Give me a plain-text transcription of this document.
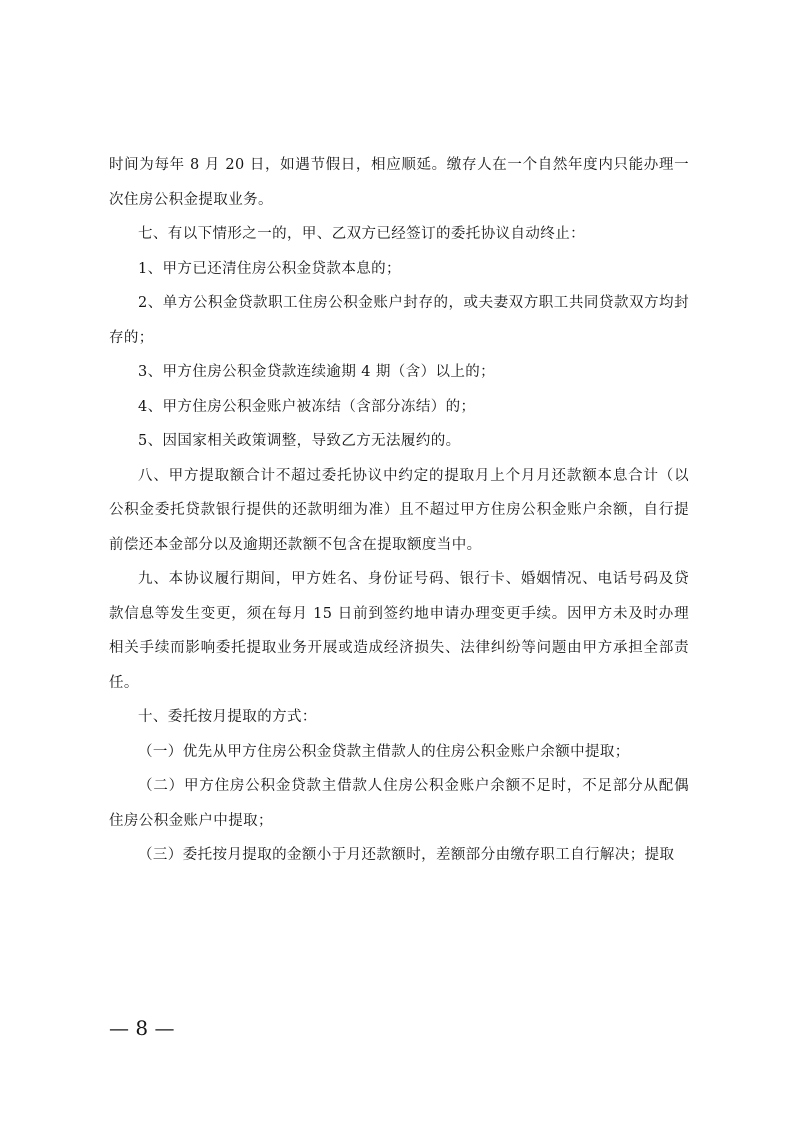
时间为每年 8 月 20 日，如遇节假日，相应顺延。缴存人在一个自然年度内只能办理一次住房公积金提取业务。

七、有以下情形之一的，甲、乙双方已经签订的委托协议自动终止：

1、甲方已还清住房公积金贷款本息的；

2、单方公积金贷款职工住房公积金账户封存的，或夫妻双方职工共同贷款双方均封存的；

3、甲方住房公积金贷款连续逾期 4 期（含）以上的；

4、甲方住房公积金账户被冻结（含部分冻结）的；

5、因国家相关政策调整，导致乙方无法履约的。

八、甲方提取额合计不超过委托协议中约定的提取月上个月月还款额本息合计（以公积金委托贷款银行提供的还款明细为准）且不超过甲方住房公积金账户余额，自行提前偿还本金部分以及逾期还款额不包含在提取额度当中。

九、本协议履行期间，甲方姓名、身份证号码、银行卡、婚姻情况、电话号码及贷款信息等发生变更，须在每月 15 日前到签约地申请办理变更手续。因甲方未及时办理相关手续而影响委托提取业务开展或造成经济损失、法律纠纷等问题由甲方承担全部责任。

十、委托按月提取的方式：

（一）优先从甲方住房公积金贷款主借款人的住房公积金账户余额中提取；

（二）甲方住房公积金贷款主借款人住房公积金账户余额不足时，不足部分从配偶住房公积金账户中提取；

（三）委托按月提取的金额小于月还款额时，差额部分由缴存职工自行解决；提取

— 8 —
